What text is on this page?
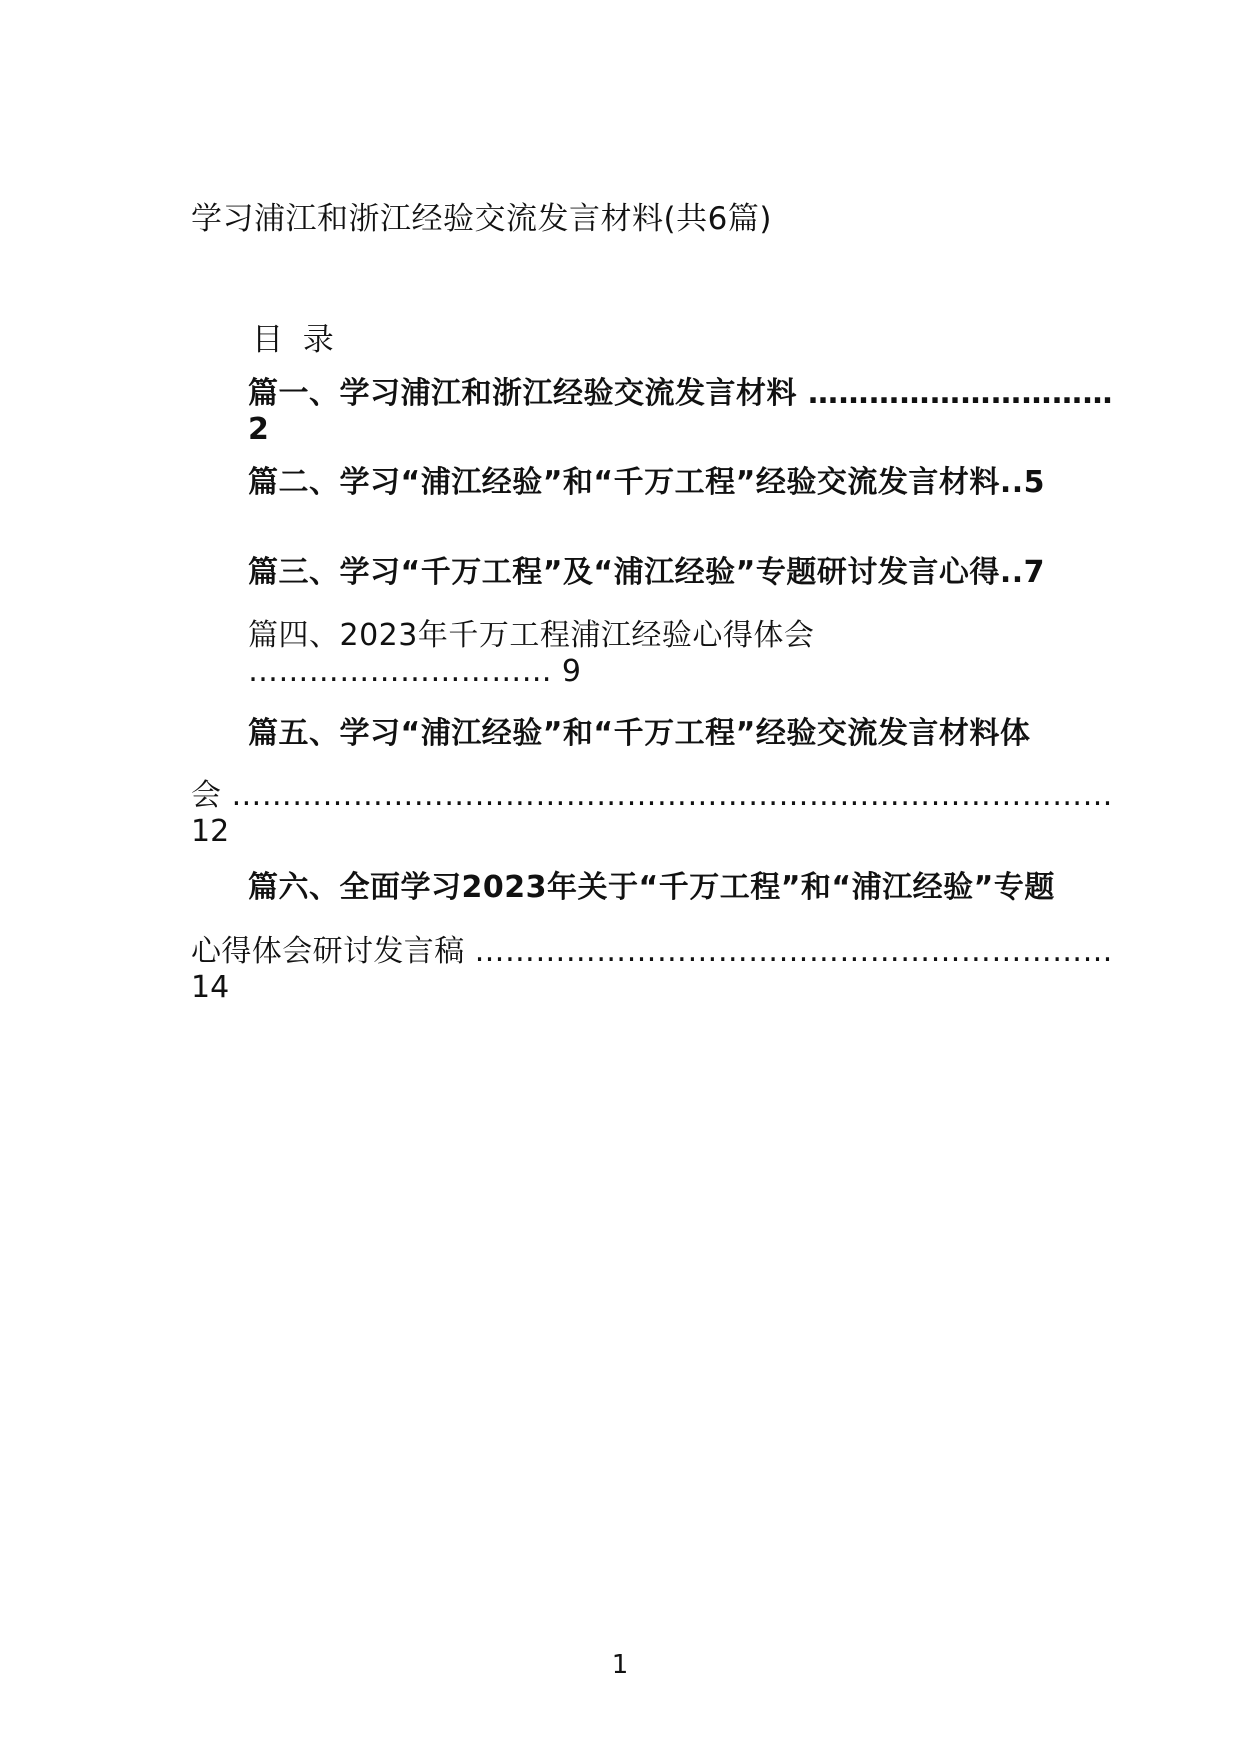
学习浦江和浙江经验交流发言材料(共6篇)
目  录
篇一、学习浦江和浙江经验交流发言材料 …………………………
2
篇二、学习“浦江经验”和“千万工程”经验交流发言材料..5
篇三、学习“千万工程”及“浦江经验”专题研讨发言心得..7
篇四、2023年千万工程浦江经验心得体会
………………………… 9
篇五、学习“浦江经验”和“千万工程”经验交流发言材料体
会 ……………………………………………………………………………
12
篇六、全面学习2023年关于“千万工程”和“浦江经验”专题
心得体会研讨发言稿 ………………………………………………………
14
1
